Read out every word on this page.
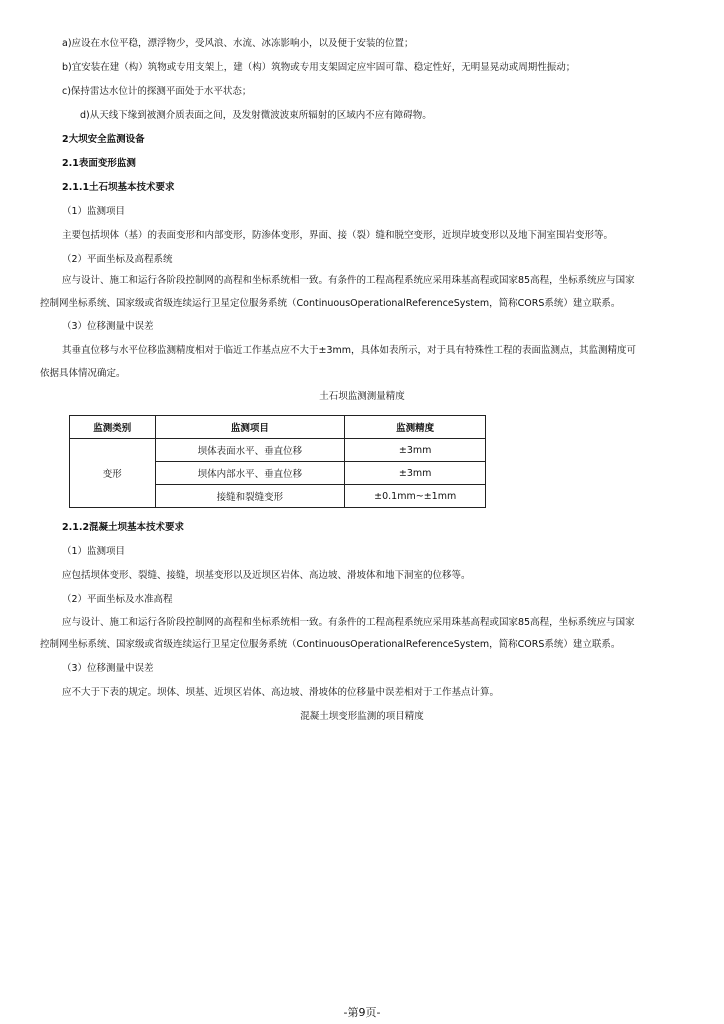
a)应设在水位平稳，漂浮物少，受风浪、水流、冰冻影响小，以及便于安装的位置；
b)宜安装在建（构）筑物或专用支架上，建（构）筑物或专用支架固定应牢固可靠、稳定性好，无明显晃动或周期性振动；
c)保持雷达水位计的探测平面处于水平状态；
d)从天线下缘到被测介质表面之间，及发射微波波束所辐射的区域内不应有障碍物。
2大坝安全监测设备
2.1表面变形监测
2.1.1土石坝基本技术要求
（1）监测项目
主要包括坝体（基）的表面变形和内部变形，防渗体变形，界面、接（裂）缝和脱空变形，近坝岸坡变形以及地下洞室围岩变形等。
（2）平面坐标及高程系统
应与设计、施工和运行各阶段控制网的高程和坐标系统相一致。有条件的工程高程系统应采用珠基高程或国家85高程，坐标系统应与国家
控制网坐标系统、国家级或省级连续运行卫星定位服务系统（ContinuousOperationalReferenceSystem，简称CORS系统）建立联系。
（3）位移测量中误差
其垂直位移与水平位移监测精度相对于临近工作基点应不大于±3mm，具体如表所示，对于具有特殊性工程的表面监测点，其监测精度可
依据具体情况确定。
土石坝监测测量精度
监测类别	监测项目	监测精度
变形	坝体表面水平、垂直位移	±3mm
	坝体内部水平、垂直位移	±3mm
	接缝和裂缝变形	±0.1mm~±1mm
2.1.2混凝土坝基本技术要求
（1）监测项目
应包括坝体变形、裂缝、接缝，坝基变形以及近坝区岩体、高边坡、滑坡体和地下洞室的位移等。
（2）平面坐标及水准高程
应与设计、施工和运行各阶段控制网的高程和坐标系统相一致。有条件的工程高程系统应采用珠基高程或国家85高程，坐标系统应与国家
控制网坐标系统、国家级或省级连续运行卫星定位服务系统（ContinuousOperationalReferenceSystem，简称CORS系统）建立联系。
（3）位移测量中误差
应不大于下表的规定。坝体、坝基、近坝区岩体、高边坡、滑坡体的位移量中误差相对于工作基点计算。
混凝土坝变形监测的项目精度
-第9页-
